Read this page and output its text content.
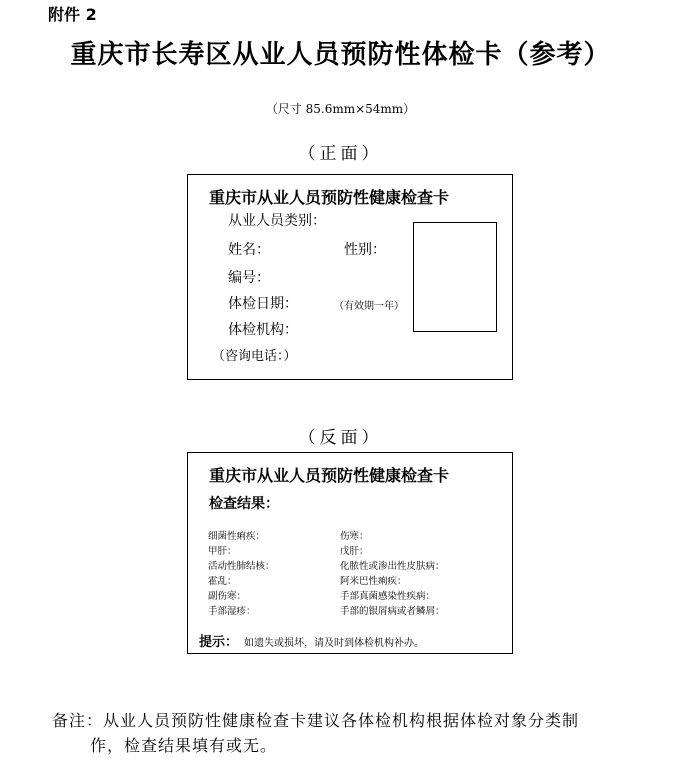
附件 2
重庆市长寿区从业人员预防性体检卡（参考）
（尺寸 85.6mm×54mm）
（正面）
重庆市从业人员预防性健康检查卡
从业人员类别：
姓名：	性别：
编号：
体检日期：	（有效期一年）
体检机构：
（咨询电话：）
（反面）
重庆市从业人员预防性健康检查卡
检查结果：
细菌性痢疾：
甲肝：
活动性肺结核：
霍乱：
副伤寒：
手部湿疹：
伤寒：
戊肝：
化脓性或渗出性皮肤病：
阿米巴性痢疾：
手部真菌感染性疾病：
手部的银屑病或者鳞屑：
提示： 如遗失或损坏，请及时到体检机构补办。
备注：从业人员预防性健康检查卡建议各体检机构根据体检对象分类制
作，检查结果填有或无。
